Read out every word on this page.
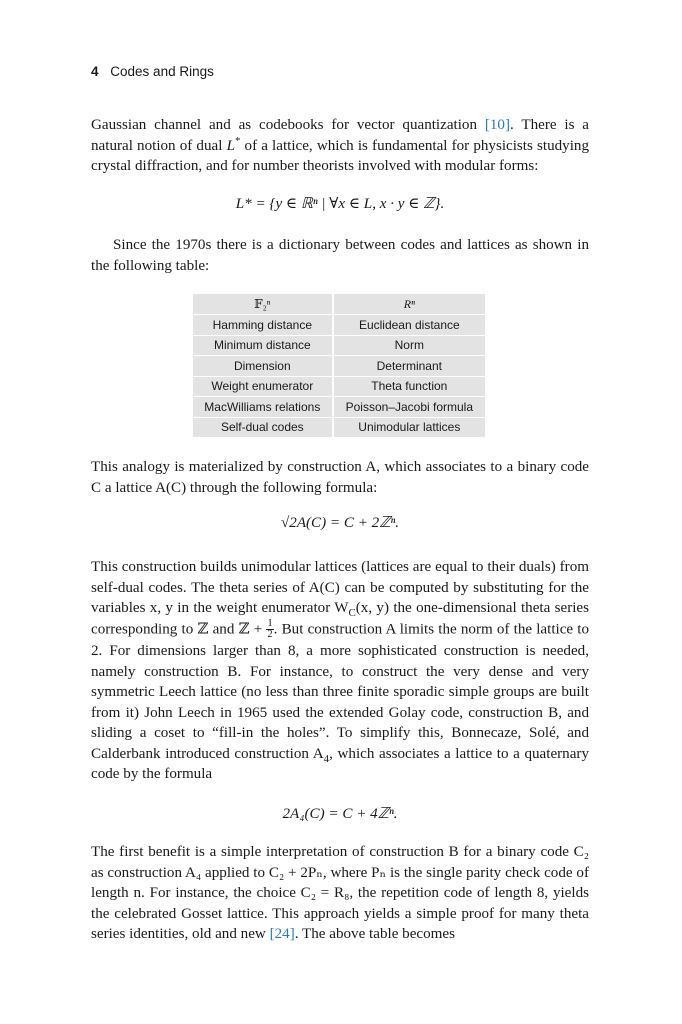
4 Codes and Rings

Gaussian channel and as codebooks for vector quantization [10]. There is a natural notion of dual L* of a lattice, which is fundamental for physicists studying crystal diffraction, and for number theorists involved with modular forms:

L* = {y ∈ ℝⁿ | ∀x ∈ L, x · y ∈ ℤ}.

Since the 1970s there is a dictionary between codes and lattices as shown in the following table:

𝔽₂ⁿ	Rⁿ
Hamming distance	Euclidean distance
Minimum distance	Norm
Dimension	Determinant
Weight enumerator	Theta function
MacWilliams relations	Poisson–Jacobi formula
Self-dual codes	Unimodular lattices

This analogy is materialized by construction A, which associates to a binary code C a lattice A(C) through the following formula:

√2A(C) = C + 2ℤⁿ.

This construction builds unimodular lattices (lattices are equal to their duals) from self-dual codes. The theta series of A(C) can be computed by substituting for the variables x, y in the weight enumerator $W_C(x$, y) the one-dimensional theta series corresponding to ℤ and ℤ + $\frac{1}{2}$ . But construction A limits the norm of the lattice to 2. For dimensions larger than 8, a more sophisticated construction is needed, namely construction B. For instance, to construct the very dense and very symmetric Leech lattice (no less than three finite sporadic simple groups are built from it) John Leech in 1965 used the extended Golay code, construction B, and sliding a coset to “fill-in the holes”. To simplify this, Bonnecaze, Solé, and Calderbank introduced construction $A_4$, which associates a lattice to a quaternary code by the formula

2A₄(C) = C + 4ℤⁿ.

The first benefit is a simple interpretation of construction B for a binary code C₂ as construction A₄ applied to C₂ + 2Pₙ, where Pₙ is the single parity check code of length n. For instance, the choice C₂ = R₈, the repetition code of length 8, yields the celebrated Gosset lattice. This approach yields a simple proof for many theta series identities, old and new [24]. The above table becomes
